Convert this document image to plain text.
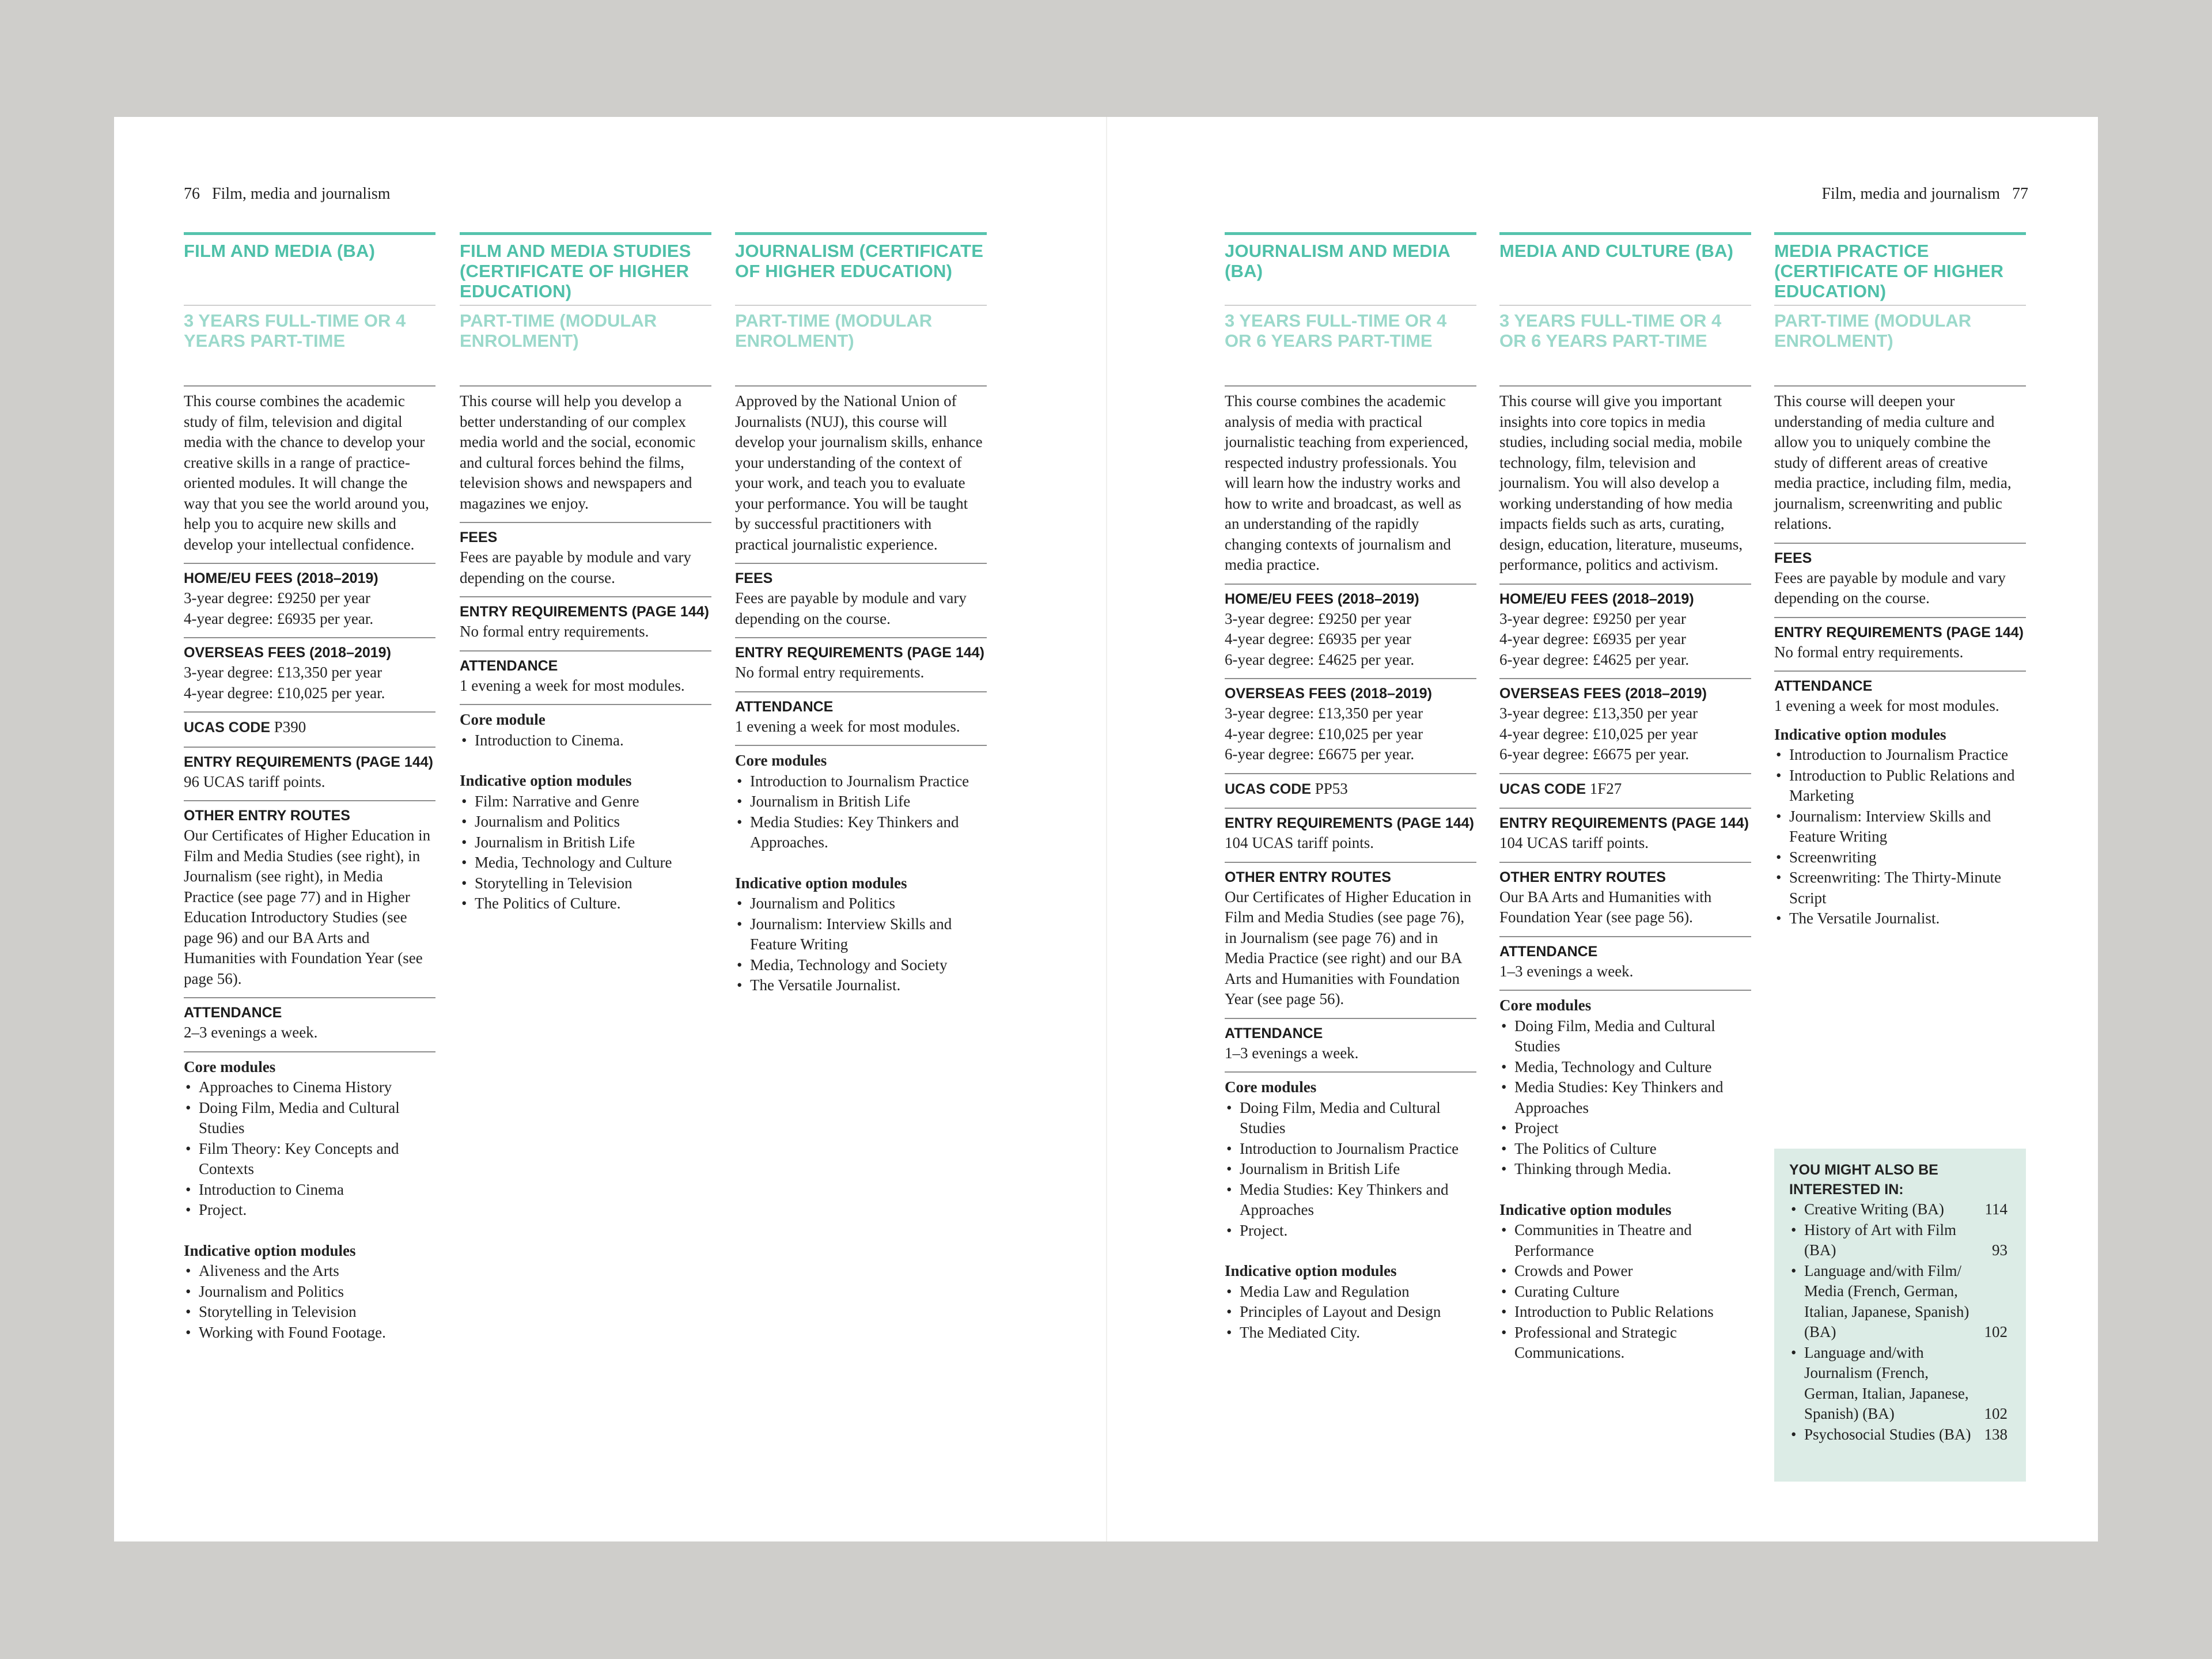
76 Film, media and journalism	Film, media and journalism 77
FILM AND MEDIA (BA)
3 YEARS FULL-TIME OR 4 YEARS PART-TIME
This course combines the academic study of film, television and digital media with the chance to develop your creative skills in a range of practice-oriented modules. It will change the way that you see the world around you, help you to acquire new skills and develop your intellectual confidence.
HOME/EU FEES (2018–2019)
3-year degree: £9250 per year
4-year degree: £6935 per year.
OVERSEAS FEES (2018–2019)
3-year degree: £13,350 per year
4-year degree: £10,025 per year.
UCAS CODE P390
ENTRY REQUIREMENTS (PAGE 144)
96 UCAS tariff points.
OTHER ENTRY ROUTES
Our Certificates of Higher Education in Film and Media Studies (see right), in Journalism (see right), in Media Practice (see page 77) and in Higher Education Introductory Studies (see page 96) and our BA Arts and Humanities with Foundation Year (see page 56).
ATTENDANCE
2–3 evenings a week.
Core modules
• Approaches to Cinema History
• Doing Film, Media and Cultural Studies
• Film Theory: Key Concepts and Contexts
• Introduction to Cinema
• Project.
Indicative option modules
• Aliveness and the Arts
• Journalism and Politics
• Storytelling in Television
• Working with Found Footage.
FILM AND MEDIA STUDIES (CERTIFICATE OF HIGHER EDUCATION)
PART-TIME (MODULAR ENROLMENT)
This course will help you develop a better understanding of our complex media world and the social, economic and cultural forces behind the films, television shows and newspapers and magazines we enjoy.
FEES
Fees are payable by module and vary depending on the course.
ENTRY REQUIREMENTS (PAGE 144)
No formal entry requirements.
ATTENDANCE
1 evening a week for most modules.
Core module
• Introduction to Cinema.
Indicative option modules
• Film: Narrative and Genre
• Journalism and Politics
• Journalism in British Life
• Media, Technology and Culture
• Storytelling in Television
• The Politics of Culture.
JOURNALISM (CERTIFICATE OF HIGHER EDUCATION)
PART-TIME (MODULAR ENROLMENT)
Approved by the National Union of Journalists (NUJ), this course will develop your journalism skills, enhance your understanding of the context of your work, and teach you to evaluate your performance. You will be taught by successful practitioners with practical journalistic experience.
FEES
Fees are payable by module and vary depending on the course.
ENTRY REQUIREMENTS (PAGE 144)
No formal entry requirements.
ATTENDANCE
1 evening a week for most modules.
Core modules
• Introduction to Journalism Practice
• Journalism in British Life
• Media Studies: Key Thinkers and Approaches.
Indicative option modules
• Journalism and Politics
• Journalism: Interview Skills and Feature Writing
• Media, Technology and Society
• The Versatile Journalist.
JOURNALISM AND MEDIA (BA)
3 YEARS FULL-TIME OR 4 OR 6 YEARS PART-TIME
This course combines the academic analysis of media with practical journalistic teaching from experienced, respected industry professionals. You will learn how the industry works and how to write and broadcast, as well as an understanding of the rapidly changing contexts of journalism and media practice.
HOME/EU FEES (2018–2019)
3-year degree: £9250 per year
4-year degree: £6935 per year
6-year degree: £4625 per year.
OVERSEAS FEES (2018–2019)
3-year degree: £13,350 per year
4-year degree: £10,025 per year
6-year degree: £6675 per year.
UCAS CODE PP53
ENTRY REQUIREMENTS (PAGE 144)
104 UCAS tariff points.
OTHER ENTRY ROUTES
Our Certificates of Higher Education in Film and Media Studies (see page 76), in Journalism (see page 76) and in Media Practice (see right) and our BA Arts and Humanities with Foundation Year (see page 56).
ATTENDANCE
1–3 evenings a week.
Core modules
• Doing Film, Media and Cultural Studies
• Introduction to Journalism Practice
• Journalism in British Life
• Media Studies: Key Thinkers and Approaches
• Project.
Indicative option modules
• Media Law and Regulation
• Principles of Layout and Design
• The Mediated City.
MEDIA AND CULTURE (BA)
3 YEARS FULL-TIME OR 4 OR 6 YEARS PART-TIME
This course will give you important insights into core topics in media studies, including social media, mobile technology, film, television and journalism. You will also develop a working understanding of how media impacts fields such as arts, curating, design, education, literature, museums, performance, politics and activism.
HOME/EU FEES (2018–2019)
3-year degree: £9250 per year
4-year degree: £6935 per year
6-year degree: £4625 per year.
OVERSEAS FEES (2018–2019)
3-year degree: £13,350 per year
4-year degree: £10,025 per year
6-year degree: £6675 per year.
UCAS CODE 1F27
ENTRY REQUIREMENTS (PAGE 144)
104 UCAS tariff points.
OTHER ENTRY ROUTES
Our BA Arts and Humanities with Foundation Year (see page 56).
ATTENDANCE
1–3 evenings a week.
Core modules
• Doing Film, Media and Cultural Studies
• Media, Technology and Culture
• Media Studies: Key Thinkers and Approaches
• Project
• The Politics of Culture
• Thinking through Media.
Indicative option modules
• Communities in Theatre and Performance
• Crowds and Power
• Curating Culture
• Introduction to Public Relations
• Professional and Strategic Communications.
MEDIA PRACTICE (CERTIFICATE OF HIGHER EDUCATION)
PART-TIME (MODULAR ENROLMENT)
This course will deepen your understanding of media culture and allow you to uniquely combine the study of different areas of creative media practice, including film, media, journalism, screenwriting and public relations.
FEES
Fees are payable by module and vary depending on the course.
ENTRY REQUIREMENTS (PAGE 144)
No formal entry requirements.
ATTENDANCE
1 evening a week for most modules.
Indicative option modules
• Introduction to Journalism Practice
• Introduction to Public Relations and Marketing
• Journalism: Interview Skills and Feature Writing
• Screenwriting
• Screenwriting: The Thirty-Minute Script
• The Versatile Journalist.
YOU MIGHT ALSO BE INTERESTED IN:
• Creative Writing (BA)	114
• History of Art with Film (BA)	93
• Language and/with Film/ Media (French, German, Italian, Japanese, Spanish) (BA)	102
• Language and/with Journalism (French, German, Italian, Japanese, Spanish) (BA)	102
• Psychosocial Studies (BA) 138
